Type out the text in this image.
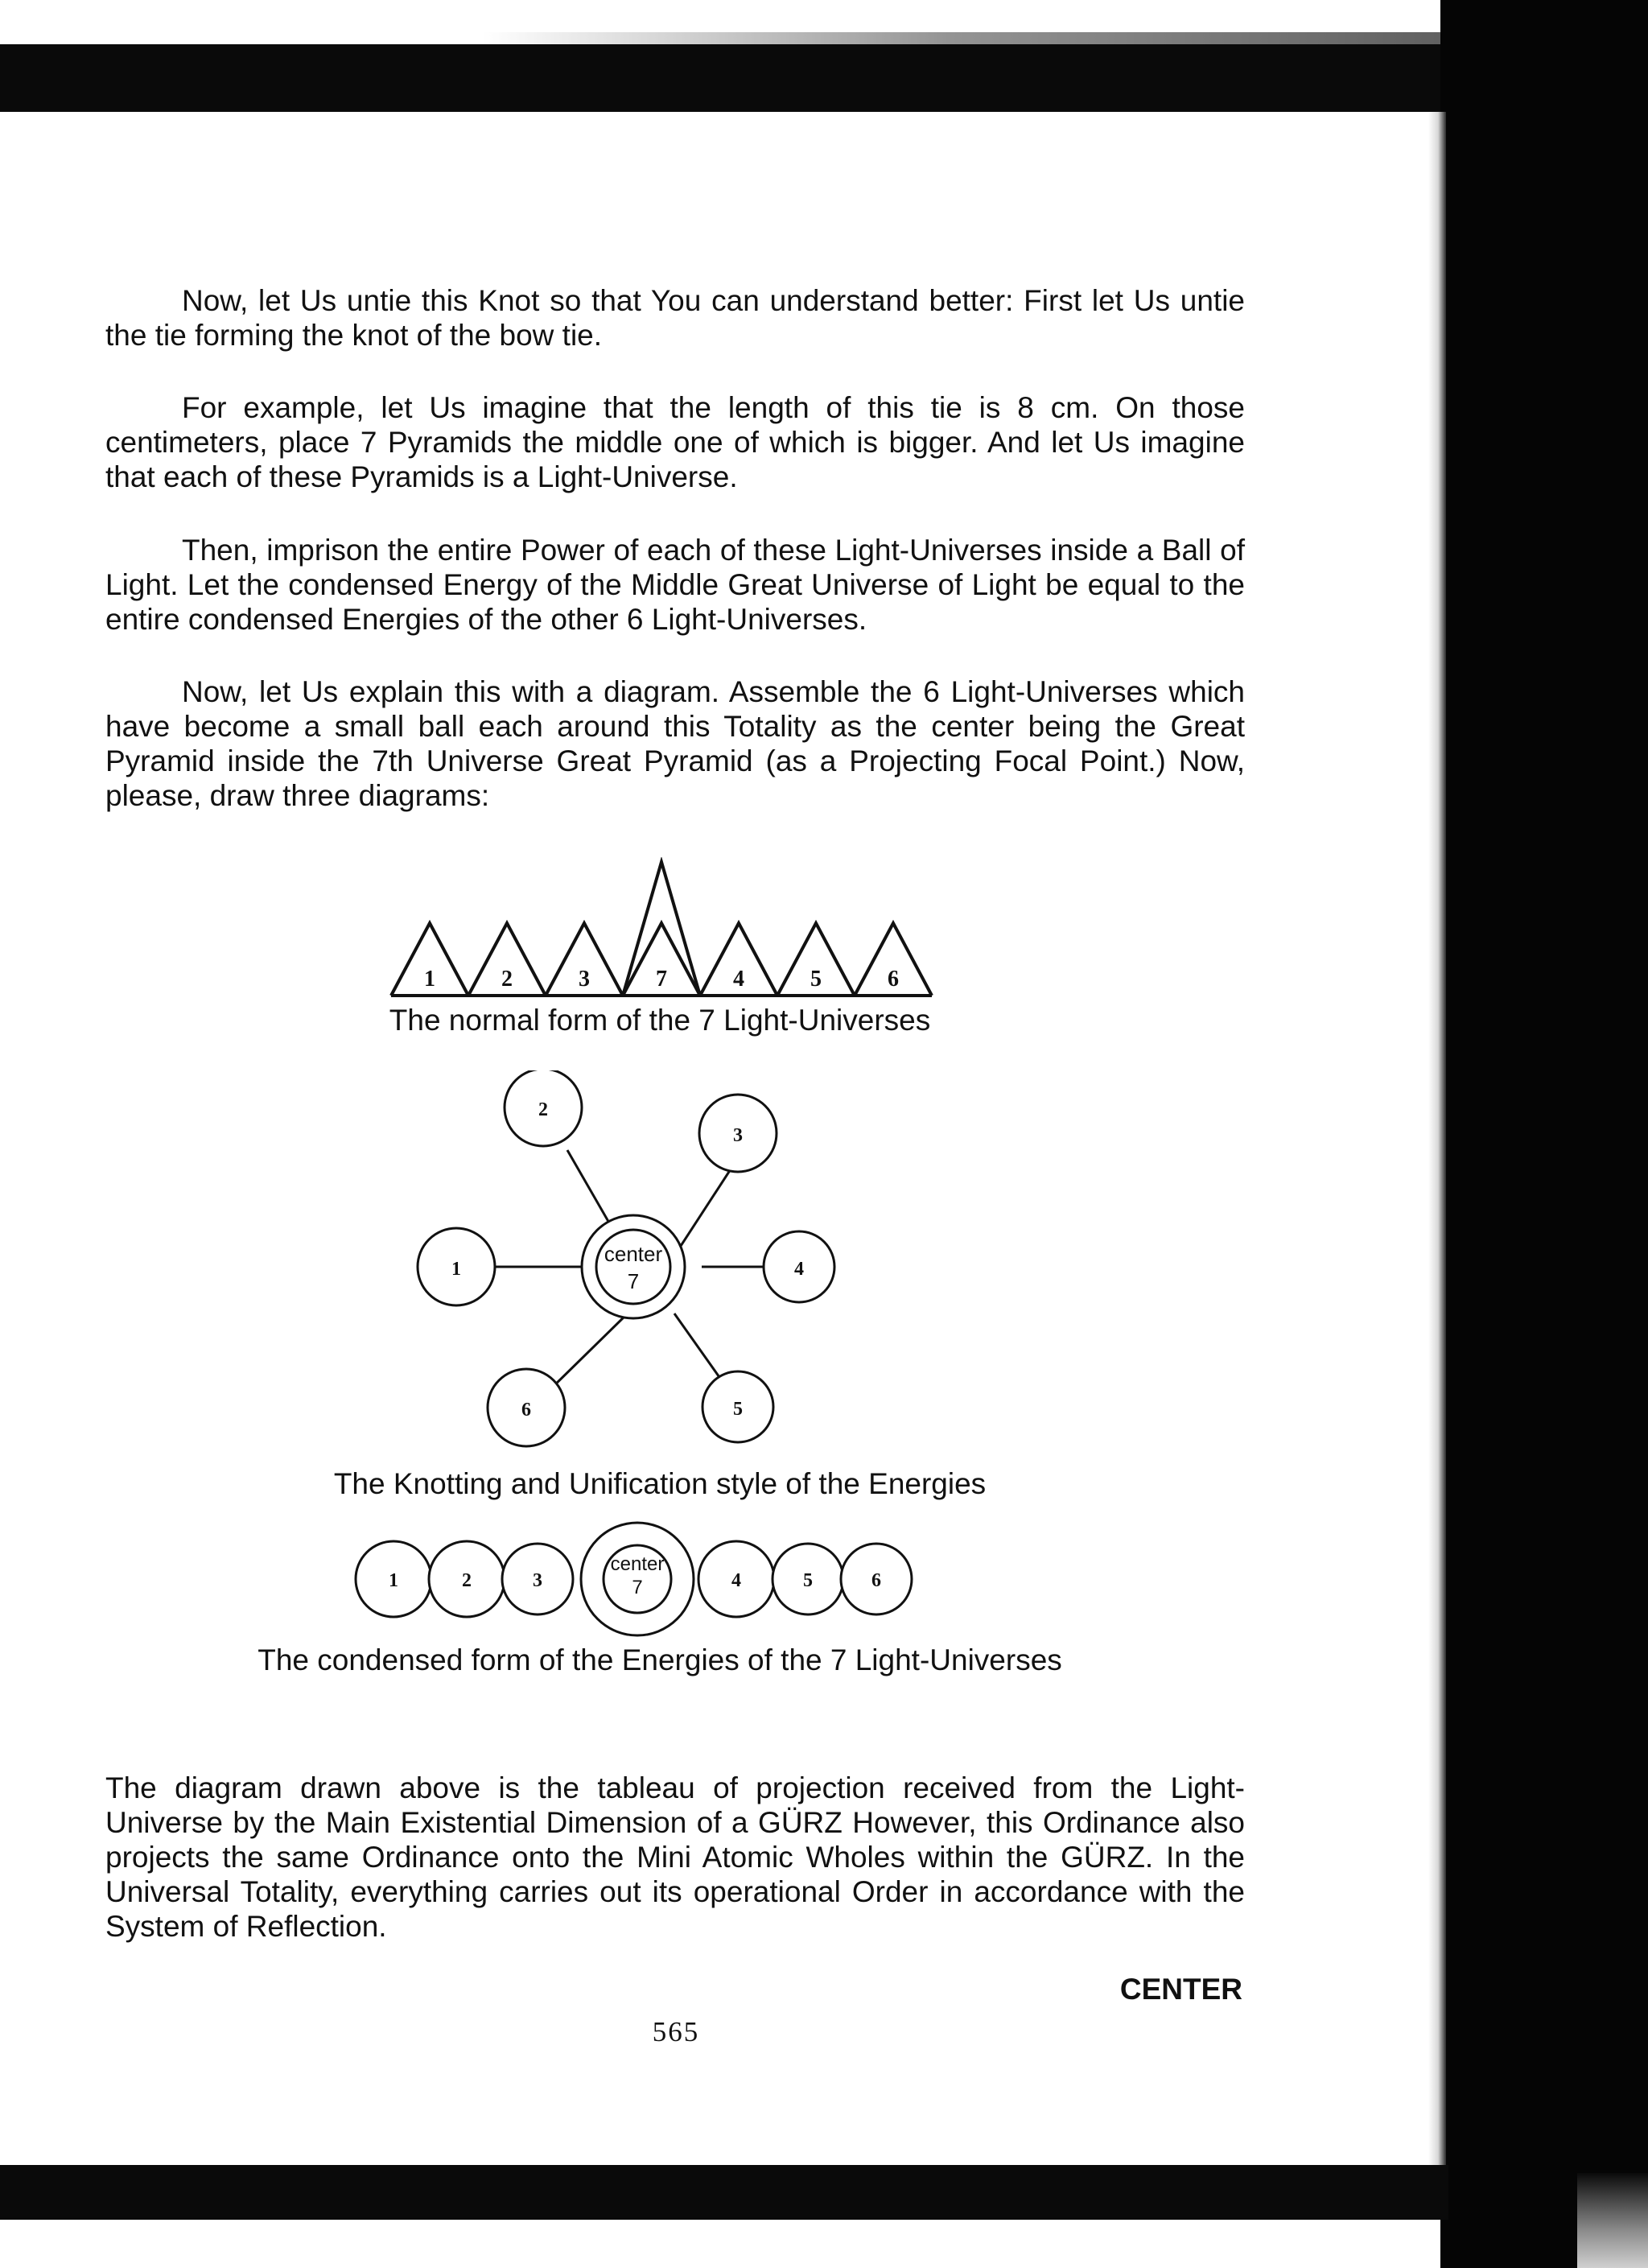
Now, let Us untie this Knot so that You can understand better: First let Us untie the tie forming the knot of the bow tie.

For example, let Us imagine that the length of this tie is 8 cm. On those centimeters, place 7 Pyramids the middle one of which is bigger. And let Us imagine that each of these Pyramids is a Light-Universe.

Then, imprison the entire Power of each of these Light-Universes inside a Ball of Light. Let the condensed Energy of the Middle Great Universe of Light be equal to the entire condensed Energies of the other 6 Light-Universes.

Now, let Us explain this with a diagram. Assemble the 6 Light-Universes which have become a small ball each around this Totality as the center being the Great Pyramid inside the 7th Universe Great Pyramid (as a Projecting Focal Point.) Now, please, draw three diagrams:

1	2	3	7	4	5	6
The normal form of the 7 Light-Universes
center
7
2
3
1	4
6	5
The Knotting and Unification style of the Energies
1	2	3
center
7	4	5	6
The condensed form of the Energies of the 7 Light-Universes

The diagram drawn above is the tableau of projection received from the Light-Universe by the Main Existential Dimension of a GÜRZ However, this Ordinance also projects the same Ordinance onto the Mini Atomic Wholes within the GÜRZ. In the Universal Totality, everything carries out its operational Order in accordance with the System of Reflection.

CENTER
565
